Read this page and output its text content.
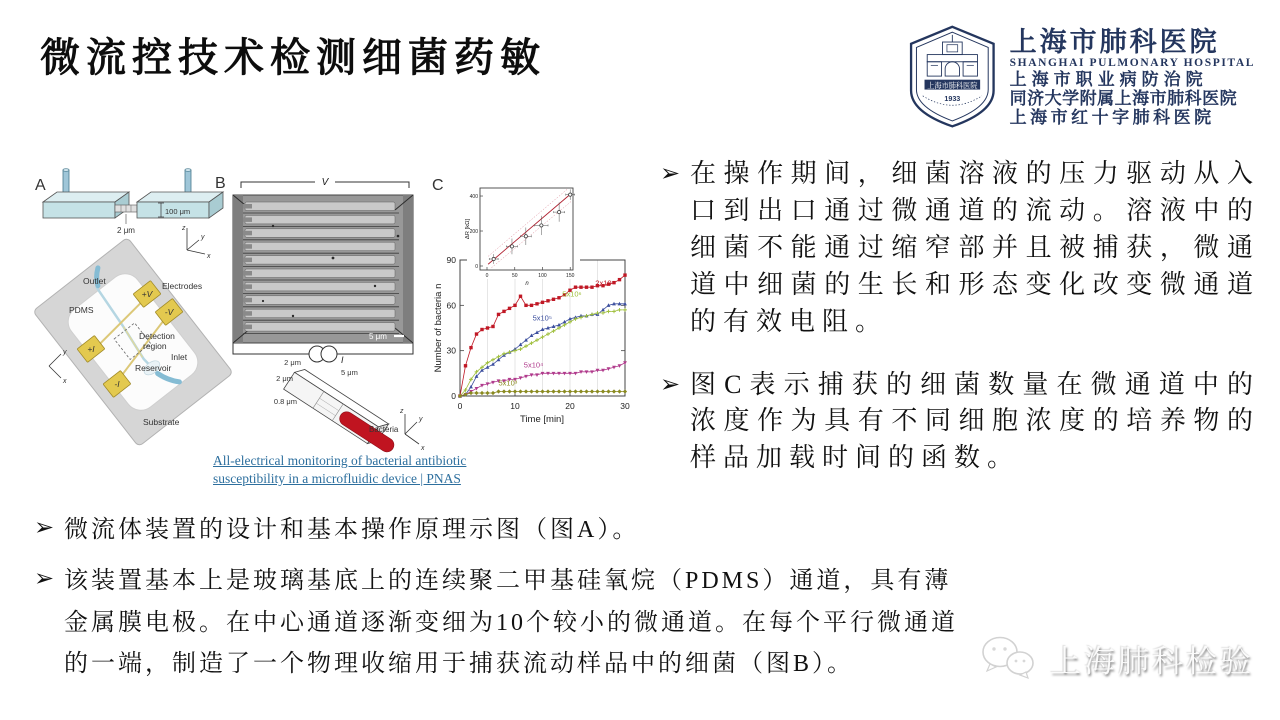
微流控技术检测细菌药敏
上海市肺科医院
1933
上海市肺科医院
SHANGHAI PULMONARY HOSPITAL
上海市职业病防治院
同济大学附属上海市肺科医院
上海市红十字肺科医院
A
2 μm
100 μm
z
y
x
Outlet
PDMS
Electrodes
+V
-V
Detection
region
Inlet
Reservoir
+I
-I
Substrate
y
x
B	V
5 μm
I
2 μm
2 μm
5 μm
0.8 μm
Bacteria
z
y
x
C
0	10	20	30
0
30
60
90
Time [min]
Number of bacteria n
2x10⁷
5x10⁵
5x10⁶
5x10⁴
5x10³
0	50	100	150
0
200
400
n
ΔR [kΩ]
All-electrical monitoring of bacterial antibiotic
susceptibility in a microfluidic device | PNAS
➢ 在操作期间，细菌溶液的压力驱动从入口到出口通过微通道的流动。溶液中的细菌不能通过缩窄部并且被捕获，微通道中细菌的生长和形态变化改变微通道的有效电阻。
➢ 图C表示捕获的细菌数量在微通道中的浓度作为具有不同细胞浓度的培养物的样品加载时间的函数。
➢ 微流体装置的设计和基本操作原理示图（图A）。
➢ 该装置基本上是玻璃基底上的连续聚二甲基硅氧烷（PDMS）通道，具有薄金属膜电极。在中心通道逐渐变细为10个较小的微通道。在每个平行微通道的一端，制造了一个物理收缩用于捕获流动样品中的细菌（图B）。	上海肺科检验
